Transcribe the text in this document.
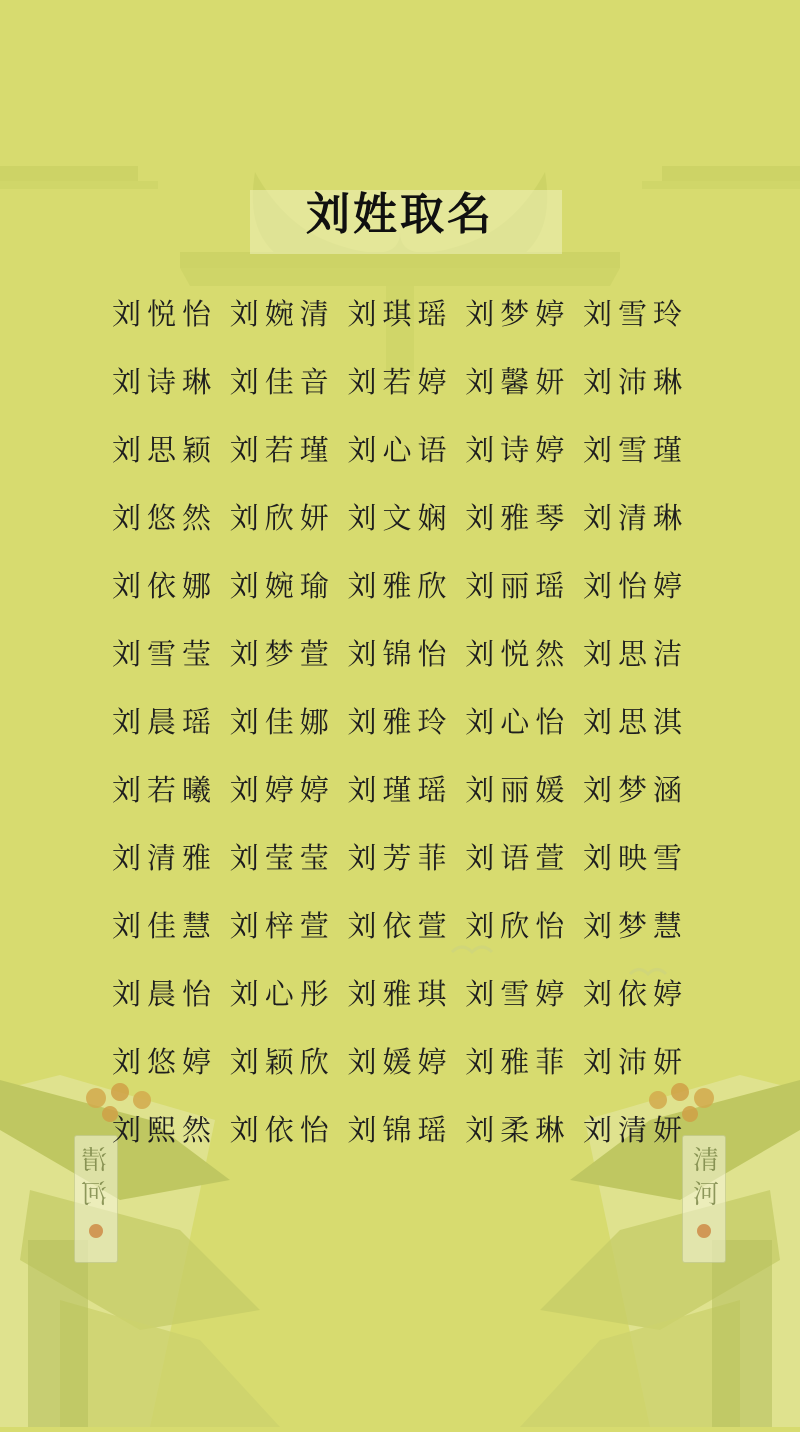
清河	清河
刘姓取名
刘悦怡 刘婉清 刘琪瑶 刘梦婷 刘雪玲
刘诗琳 刘佳音 刘若婷 刘馨妍 刘沛琳
刘思颖 刘若瑾 刘心语 刘诗婷 刘雪瑾
刘悠然 刘欣妍 刘文娴 刘雅琴 刘清琳
刘依娜 刘婉瑜 刘雅欣 刘丽瑶 刘怡婷
刘雪莹 刘梦萱 刘锦怡 刘悦然 刘思洁
刘晨瑶 刘佳娜 刘雅玲 刘心怡 刘思淇
刘若曦 刘婷婷 刘瑾瑶 刘丽媛 刘梦涵
刘清雅 刘莹莹 刘芳菲 刘语萱 刘映雪
刘佳慧 刘梓萱 刘依萱 刘欣怡 刘梦慧
刘晨怡 刘心彤 刘雅琪 刘雪婷 刘依婷
刘悠婷 刘颖欣 刘媛婷 刘雅菲 刘沛妍
刘熙然 刘依怡 刘锦瑶 刘柔琳 刘清妍
